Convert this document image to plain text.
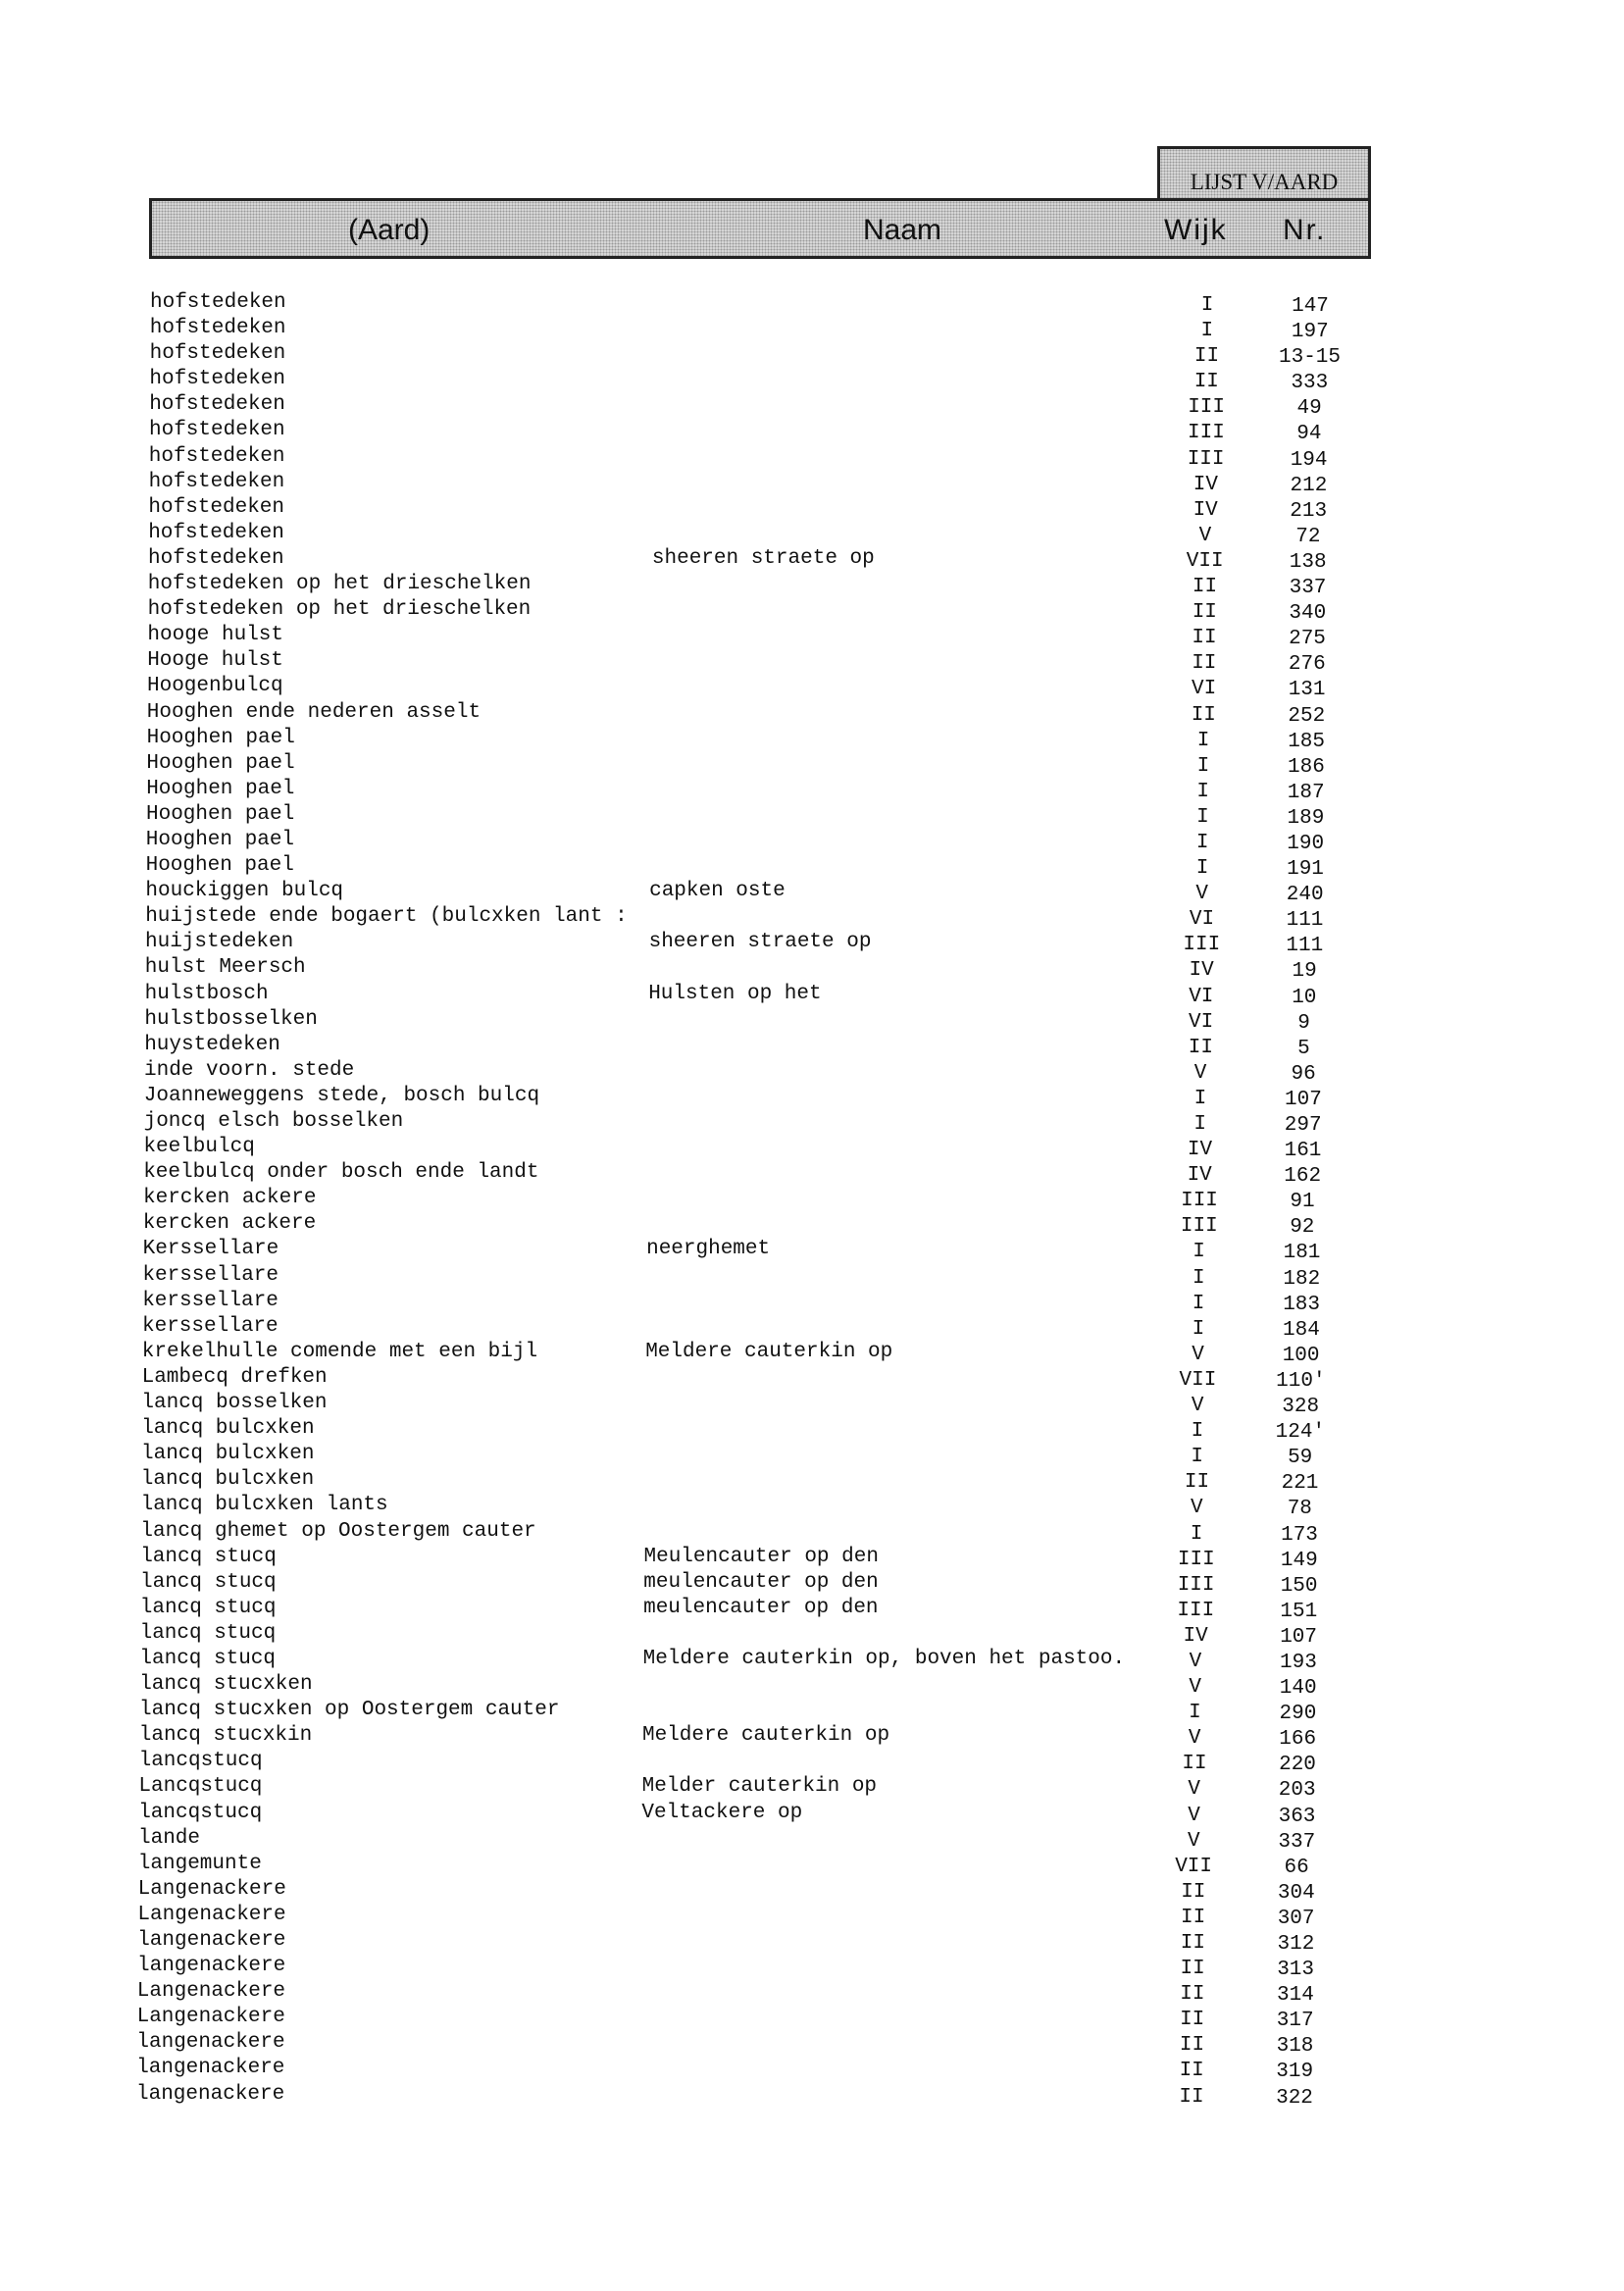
LIJST V/AARD
(Aard)	Naam	Wijk Nr.
hofstedeken	I	147
hofstedeken	I	197
hofstedeken	II	13-15
hofstedeken	II	333
hofstedeken	III	49
hofstedeken	III	94
hofstedeken	III	194
hofstedeken	IV	212
hofstedeken	IV	213
hofstedeken	V	72
hofstedeken	sheeren straete op	VII	138
hofstedeken op het drieschelken	II	337
hofstedeken op het drieschelken	II	340
hooge hulst	II	275
Hooge hulst	II	276
Hoogenbulcq	VI	131
Hooghen ende nederen asselt	II	252
Hooghen pael	I	185
Hooghen pael	I	186
Hooghen pael	I	187
Hooghen pael	I	189
Hooghen pael	I	190
Hooghen pael	I	191
houckiggen bulcq	capken oste	V	240
huijstede ende bogaert (bulcxken lant :	VI	111
huijstedeken	sheeren straete op	III	111
hulst Meersch	IV	19
hulstbosch	Hulsten op het	VI	10
hulstbosselken	VI	9
huystedeken	II	5
inde voorn. stede	V	96
Joanneweggens stede, bosch bulcq	I	107
joncq elsch bosselken	I	297
keelbulcq	IV	161
keelbulcq onder bosch ende landt	IV	162
kercken ackere	III	91
kercken ackere	III	92
Kerssellare	neerghemet	I	181
kerssellare	I	182
kerssellare	I	183
kerssellare	I	184
krekelhulle comende met een bijl	Meldere cauterkin op	V	100
Lambecq drefken	VII	110'
lancq bosselken	V	328
lancq bulcxken	I	124'
lancq bulcxken	I	59
lancq bulcxken	II	221
lancq bulcxken lants	V	78
lancq ghemet op Oostergem cauter	I	173
lancq stucq	Meulencauter op den	III	149
lancq stucq	meulencauter op den	III	150
lancq stucq	meulencauter op den	III	151
lancq stucq	IV	107
lancq stucq	Meldere cauterkin op, boven het pastoo.	V	193
lancq stucxken	V	140
lancq stucxken op Oostergem cauter	I	290
lancq stucxkin	Meldere cauterkin op	V	166
lancqstucq	II	220
Lancqstucq	Melder cauterkin op	V	203
lancqstucq	Veltackere op	V	363
lande	V	337
langemunte	VII	66
Langenackere	II	304
Langenackere	II	307
langenackere	II	312
langenackere	II	313
Langenackere	II	314
Langenackere	II	317
langenackere	II	318
langenackere	II	319
langenackere	II	322
